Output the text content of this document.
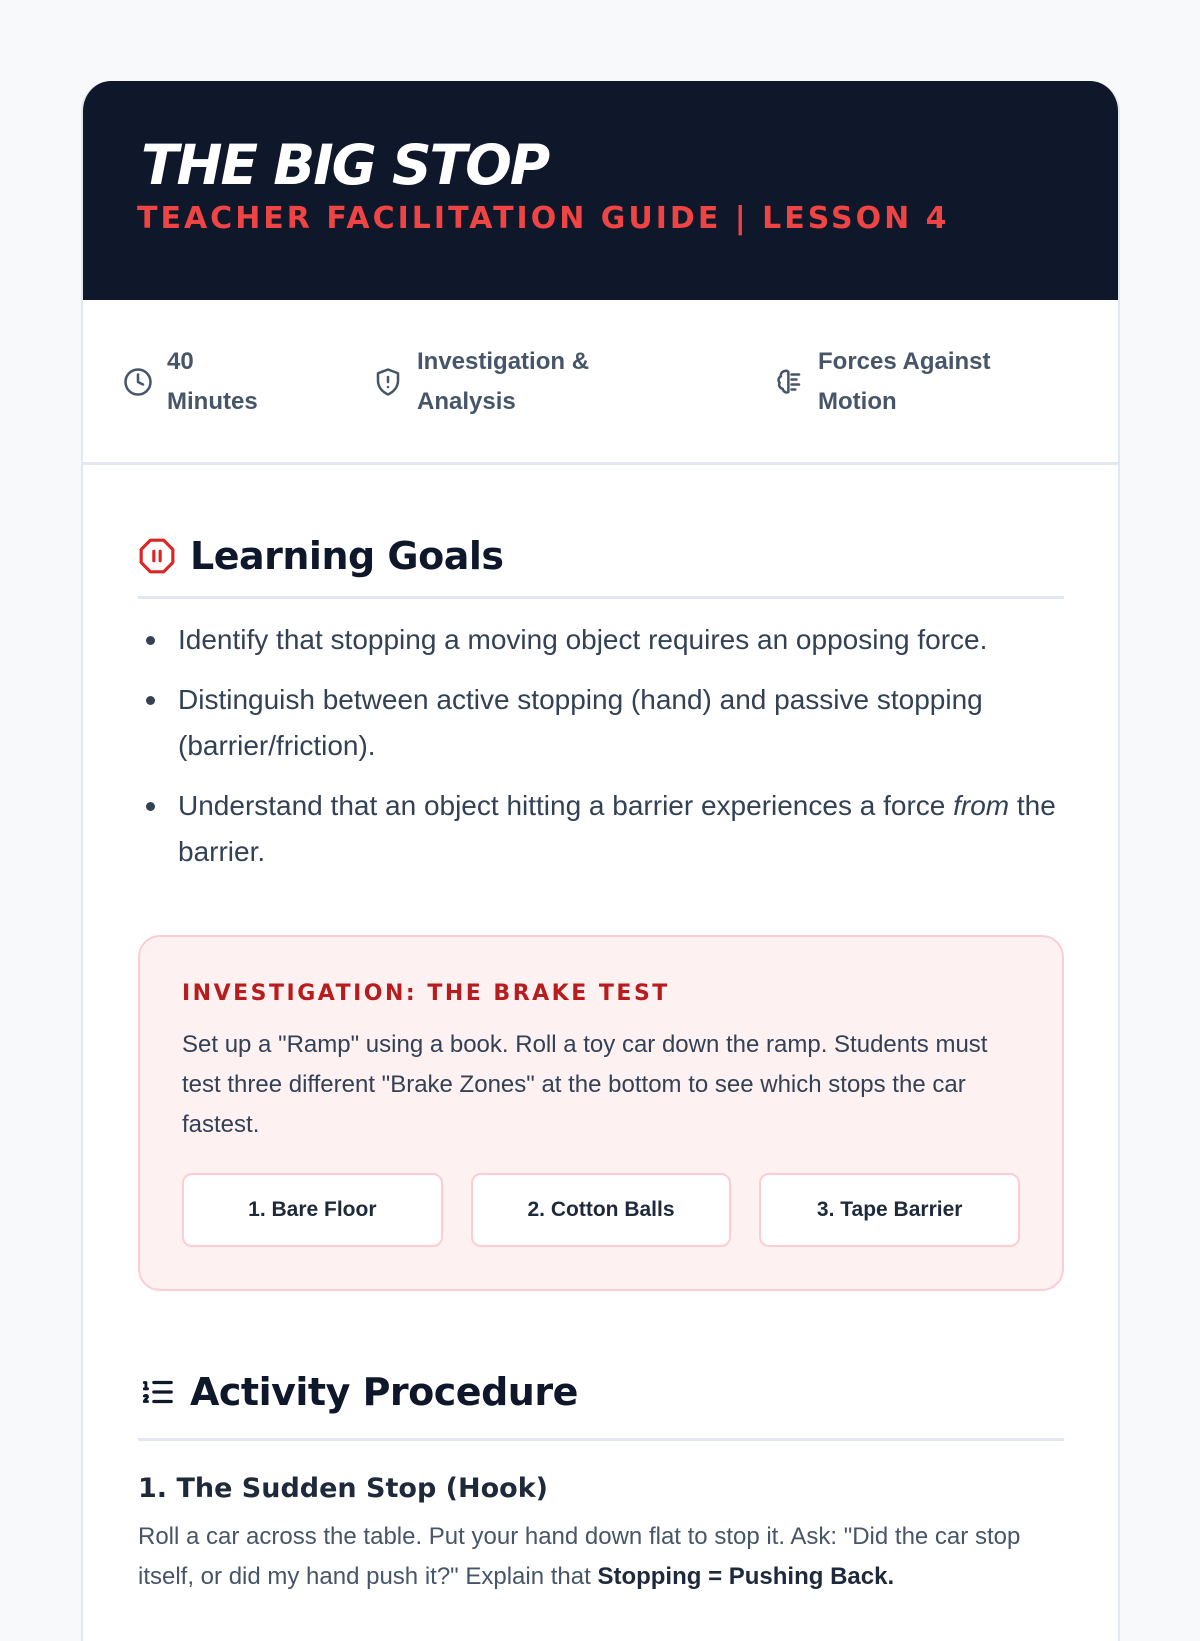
THE BIG STOP
TEACHER FACILITATION GUIDE | LESSON 4
40
Minutes
Investigation &
Analysis
Forces Against
Motion
Learning Goals
Identify that stopping a moving object requires an opposing force.
Distinguish between active stopping (hand) and passive stopping (barrier/friction).
Understand that an object hitting a barrier experiences a force from the barrier.
INVESTIGATION: THE BRAKE TEST
Set up a "Ramp" using a book. Roll a toy car down the ramp. Students must test three different "Brake Zones" at the bottom to see which stops the car fastest.
1. Bare Floor	2. Cotton Balls	3. Tape Barrier
Activity Procedure
1. The Sudden Stop (Hook)
Roll a car across the table. Put your hand down flat to stop it. Ask: "Did the car stop itself, or did my hand push it?" Explain that Stopping = Pushing Back.
